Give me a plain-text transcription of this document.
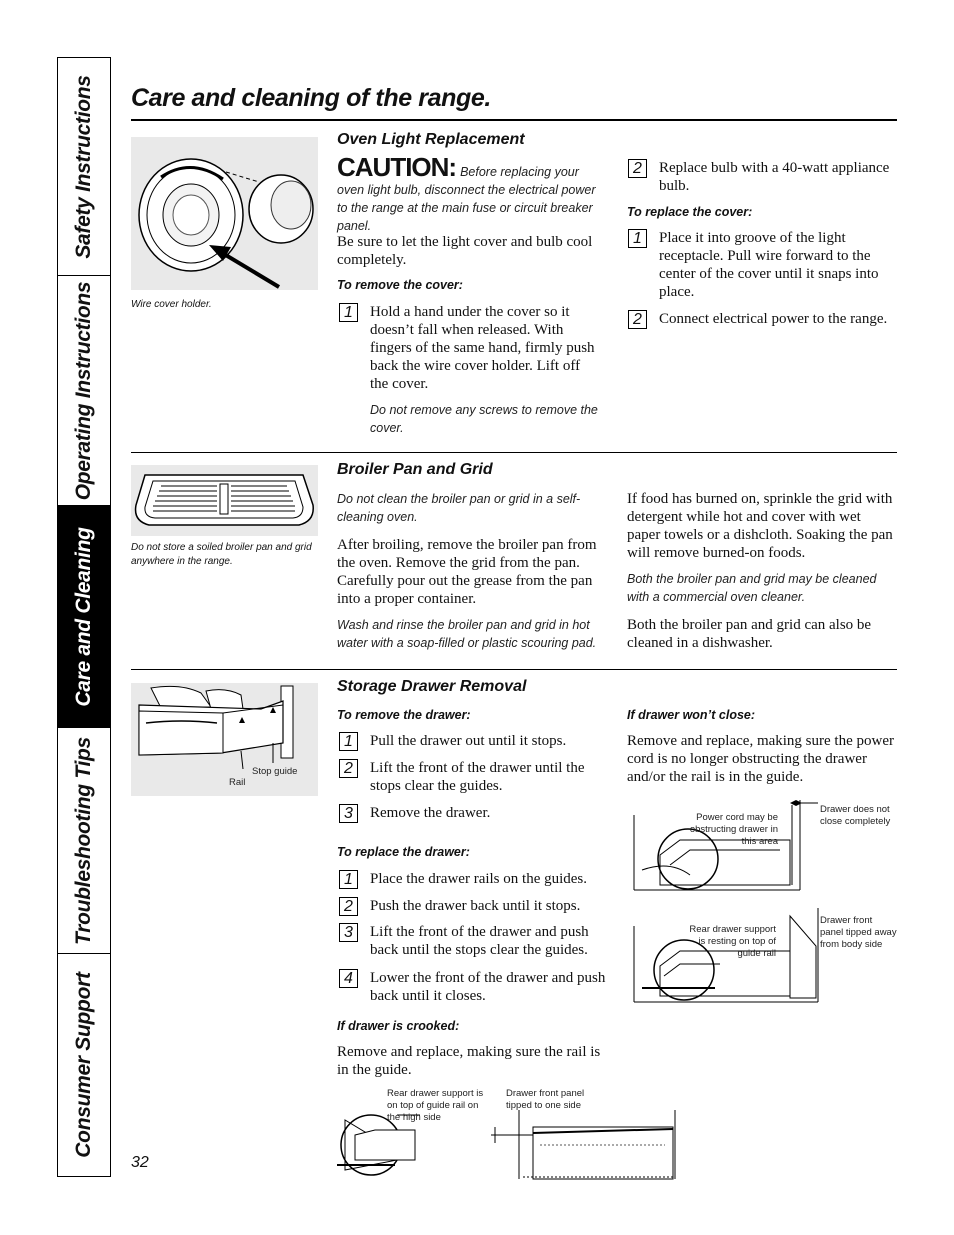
Safety Instructions
Operating Instructions
Care and Cleaning
Troubleshooting Tips
Consumer Support
Care and cleaning of the range.
Wire cover holder.
Oven Light Replacement
CAUTION: Before replacing your oven light bulb, disconnect the electrical power to the range at the main fuse or circuit breaker panel.
Be sure to let the light cover and bulb cool completely.
To remove the cover:
1	Hold a hand under the cover so it doesn’t fall when released. With fingers of the same hand, firmly push back the wire cover holder. Lift off the cover.
Do not remove any screws to remove the cover.
2	Replace bulb with a 40-watt appliance bulb.
To replace the cover:
1	Place it into groove of the light receptacle. Pull wire forward to the center of the cover until it snaps into place.
2	Connect electrical power to the range.
Do not store a soiled broiler pan and grid anywhere in the range.
Broiler Pan and Grid
Do not clean the broiler pan or grid in a self-cleaning oven.
After broiling, remove the broiler pan from the oven. Remove the grid from the pan. Carefully pour out the grease from the pan into a proper container.
Wash and rinse the broiler pan and grid in hot water with a soap-filled or plastic scouring pad.
If food has burned on, sprinkle the grid with detergent while hot and cover with wet paper towels or a dishcloth. Soaking the pan will remove burned-on foods.
Both the broiler pan and grid may be cleaned with a commercial oven cleaner.
Both the broiler pan and grid can also be cleaned in a dishwasher.
Rail
Stop guide
Storage Drawer Removal
To remove the drawer:
1	Pull the drawer out until it stops.
2	Lift the front of the drawer until the stops clear the guides.
3	Remove the drawer.
To replace the drawer:
1	Place the drawer rails on the guides.
2	Push the drawer back until it stops.
3	Lift the front of the drawer and push back until the stops clear the guides.
4	Lower the front of the drawer and push back until it closes.
If drawer is crooked:
Remove and replace, making sure the rail is in the guide.
Rear drawer support is on top of guide rail on the high side
Drawer front panel tipped to one side
If drawer won’t close:
Remove and replace, making sure the power cord is no longer obstructing the drawer and/or the rail is in the guide.
Power cord may be obstructing drawer in this area
Drawer does not close completely
Rear drawer support is resting on top of guide rail
Drawer front panel tipped away from body side
32
